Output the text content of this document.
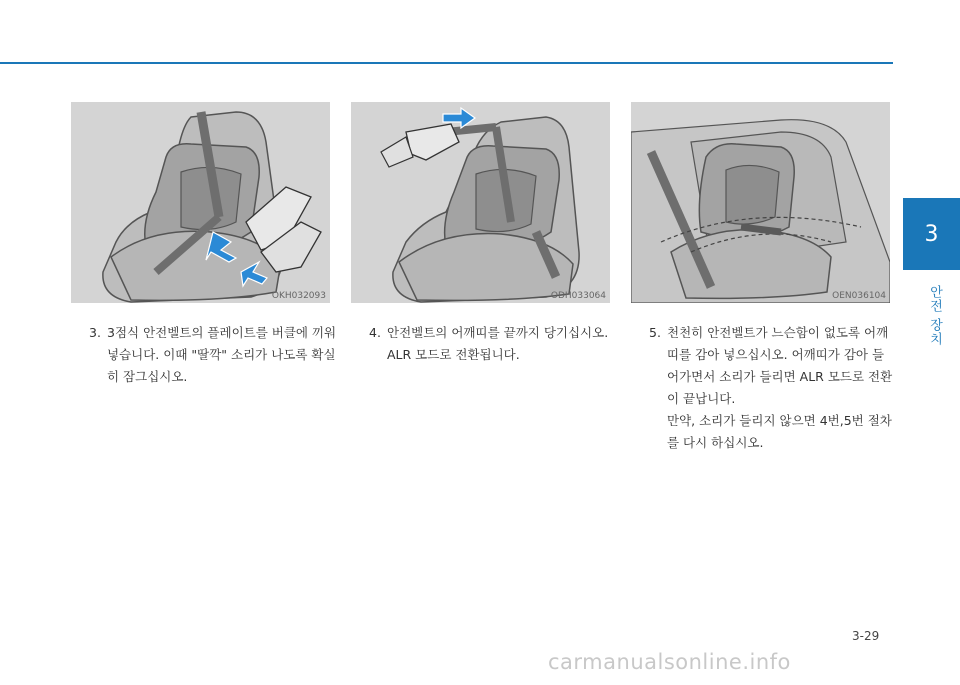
3
안전 장치
OKH032093	ODH033064	OEN036104
3. 3점식 안전벨트의 플레이트를 버클에 끼워 넣습니다. 이때 "딸깍" 소리가 나도록 확실히 잠그십시오.

4. 안전벨트의 어깨띠를 끝까지 당기십시오. ALR 모드로 전환됩니다.

5. 천천히 안전벨트가 느슨함이 없도록 어깨띠를 감아 넣으십시오. 어깨띠가 감아 들어가면서 소리가 들리면 ALR 모드로 전환이 끝납니다.

만약, 소리가 들리지 않으면 4번,5번 절차를 다시 하십시오.

3-29
carmanualsonline.info
